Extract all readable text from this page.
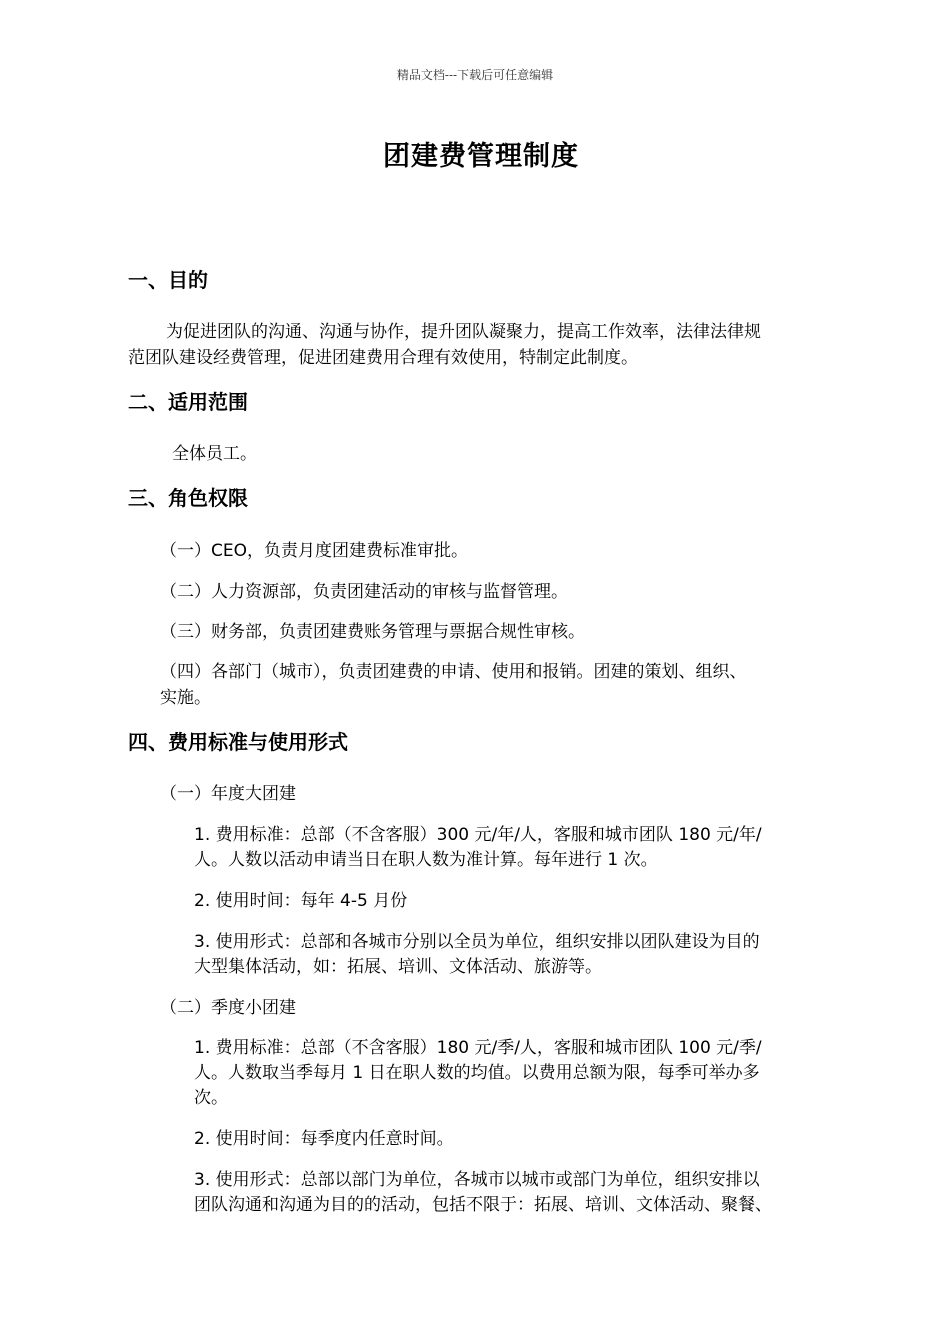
精品文档---下载后可任意编辑
团建费管理制度
一、目的
为促进团队的沟通、沟通与协作，提升团队凝聚力，提高工作效率，法律法律规
范团队建设经费管理，促进团建费用合理有效使用，特制定此制度。
二、适用范围
全体员工。
三、角色权限
（一）CEO，负责月度团建费标准审批。
（二）人力资源部，负责团建活动的审核与监督管理。
（三）财务部，负责团建费账务管理与票据合规性审核。
（四）各部门（城市），负责团建费的申请、使用和报销。团建的策划、组织、
实施。
四、费用标准与使用形式
（一）年度大团建
1. 费用标准：总部（不含客服）300 元/年/人，客服和城市团队 180 元/年/
人。人数以活动申请当日在职人数为准计算。每年进行 1 次。
2. 使用时间：每年 4-5 月份
3. 使用形式：总部和各城市分别以全员为单位，组织安排以团队建设为目的
大型集体活动，如：拓展、培训、文体活动、旅游等。
（二）季度小团建
1. 费用标准：总部（不含客服）180 元/季/人，客服和城市团队 100 元/季/
人。人数取当季每月 1 日在职人数的均值。以费用总额为限，每季可举办多
次。
2. 使用时间：每季度内任意时间。
3. 使用形式：总部以部门为单位，各城市以城市或部门为单位，组织安排以
团队沟通和沟通为目的的活动，包括不限于：拓展、培训、文体活动、聚餐、
